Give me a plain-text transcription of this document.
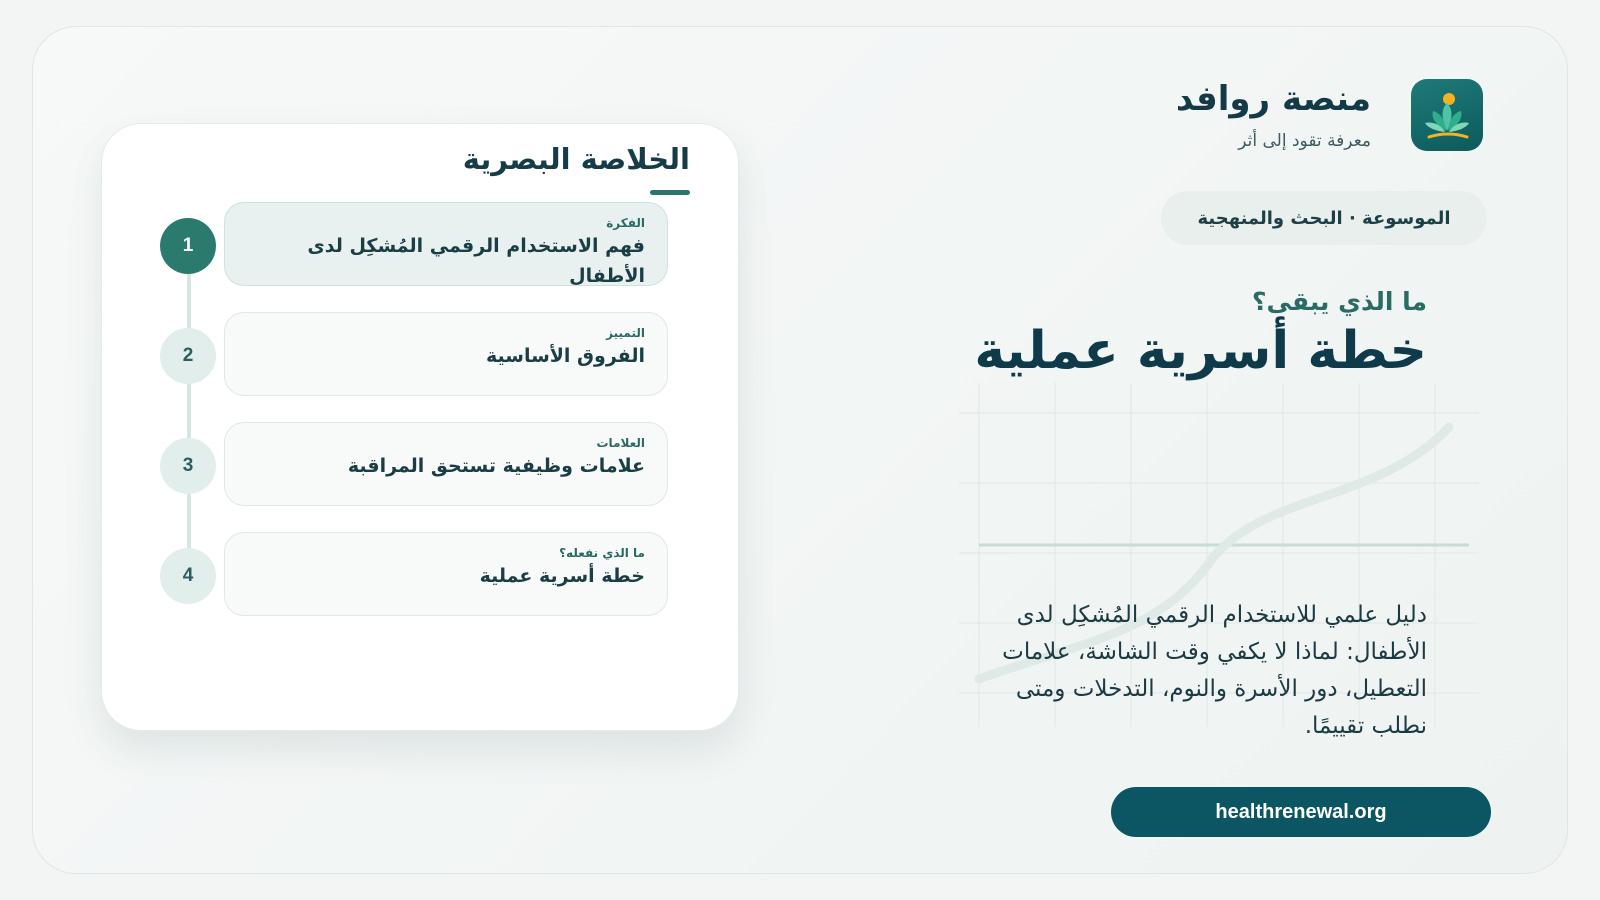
منصة روافد
معرفة تقود إلى أثر
الموسوعة · البحث والمنهجية
ما الذي يبقى؟
خطة أسرية عملية
دليل علمي للاستخدام الرقمي المُشكِل لدى الأطفال: لماذا لا يكفي وقت الشاشة، علامات التعطيل، دور الأسرة والنوم، التدخلات ومتى نطلب تقييمًا.
healthrenewal.org
الخلاصة البصرية
1
الفكرة
فهم الاستخدام الرقمي المُشكِل لدى الأطفال
2
التمييز
الفروق الأساسية
3
العلامات
علامات وظيفية تستحق المراقبة
4
ما الذي نفعله؟
خطة أسرية عملية
